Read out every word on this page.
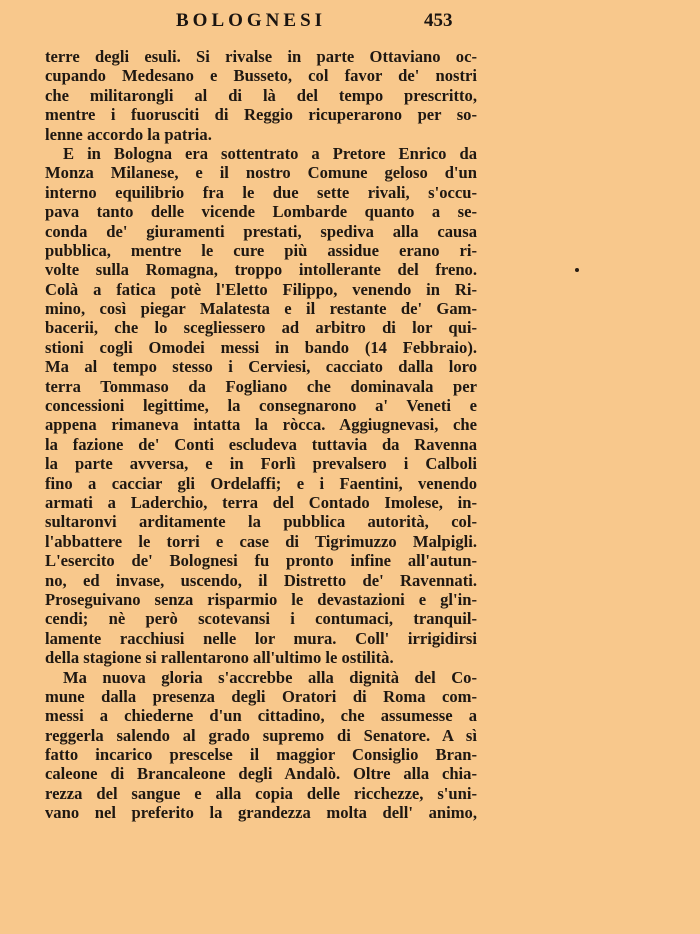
BOLOGNESI	453
terre degli esuli. Si rivalse in parte Ottaviano oc-
cupando Medesano e Busseto, col favor de' nostri
che militarongli al di là del tempo prescritto,
mentre i fuorusciti di Reggio ricuperarono per so-
lenne accordo la patria.
E in Bologna era sottentrato a Pretore Enrico da
Monza Milanese, e il nostro Comune geloso d'un
interno equilibrio fra le due sette rivali, s'occu-
pava tanto delle vicende Lombarde quanto a se-
conda de' giuramenti prestati, spediva alla causa
pubblica, mentre le cure più assidue erano ri-
volte sulla Romagna, troppo intollerante del freno.
Colà a fatica potè l'Eletto Filippo, venendo in Ri-
mino, così piegar Malatesta e il restante de' Gam-
bacerii, che lo scegliessero ad arbitro di lor qui-
stioni cogli Omodei messi in bando (14 Febbraio).
Ma al tempo stesso i Cerviesi, cacciato dalla loro
terra Tommaso da Fogliano che dominavala per
concessioni legittime, la consegnarono a' Veneti e
appena rimaneva intatta la ròcca. Aggiugnevasi, che
la fazione de' Conti escludeva tuttavia da Ravenna
la parte avversa, e in Forlì prevalsero i Calboli
fino a cacciar gli Ordelaffi; e i Faentini, venendo
armati a Laderchio, terra del Contado Imolese, in-
sultaronvi arditamente la pubblica autorità, col-
l'abbattere le torri e case di Tigrimuzzo Malpigli.
L'esercito de' Bolognesi fu pronto infine all'autun-
no, ed invase, uscendo, il Distretto de' Ravennati.
Proseguivano senza risparmio le devastazioni e gl'in-
cendi; nè però scotevansi i contumaci, tranquil-
lamente racchiusi nelle lor mura. Coll' irrigidirsi
della stagione si rallentarono all'ultimo le ostilità.
Ma nuova gloria s'accrebbe alla dignità del Co-
mune dalla presenza degli Oratori di Roma com-
messi a chiederne d'un cittadino, che assumesse a
reggerla salendo al grado supremo di Senatore. A sì
fatto incarico prescelse il maggior Consiglio Bran-
caleone di Brancaleone degli Andalò. Oltre alla chia-
rezza del sangue e alla copia delle ricchezze, s'uni-
vano nel preferito la grandezza molta dell' animo,
